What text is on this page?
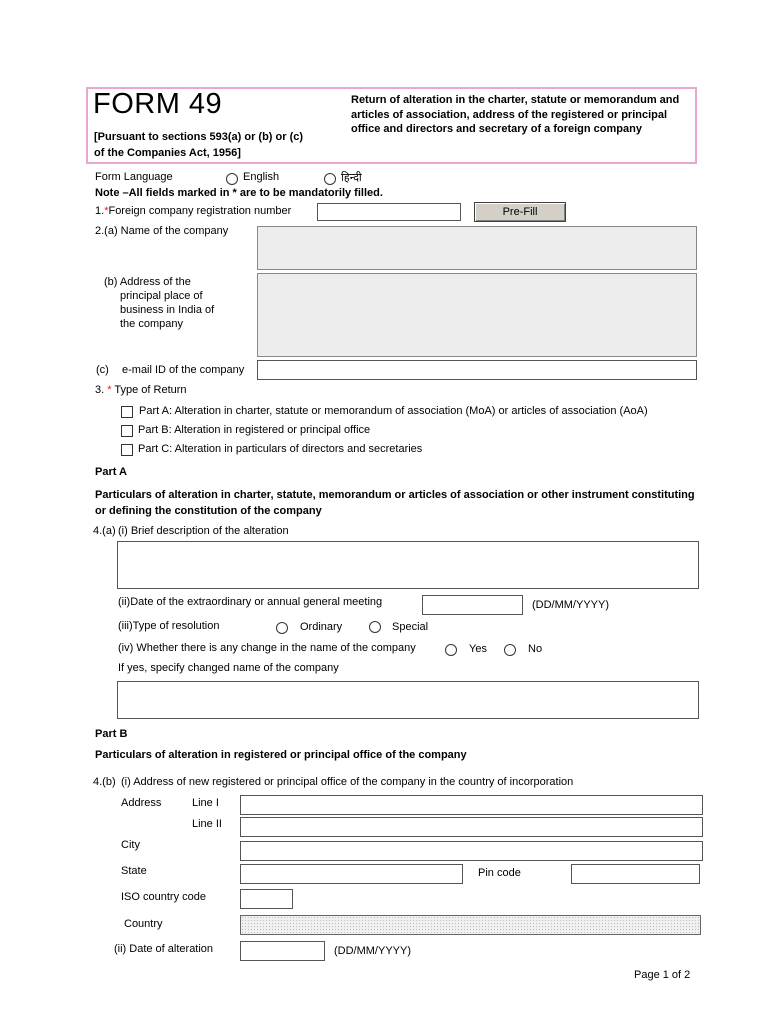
FORM 49
[Pursuant to sections 593(a) or (b) or (c) of the Companies Act, 1956]
Return of alteration in the charter, statute or memorandum and articles of association, address of the registered or principal office and directors and secretary of a foreign company
Form Language	English	हिन्दी
Note –All fields marked in * are to be mandatorily filled.
1.*Foreign company registration number	Pre-Fill
2.(a) Name of the company
(b) Address of the
principal place of business in India of the company
(c) e-mail ID of the company
3. * Type of Return
Part A: Alteration in charter, statute or memorandum of association (MoA) or articles of association (AoA)
Part B: Alteration in registered or principal office
Part C: Alteration in particulars of directors and secretaries
Part A
Particulars of alteration in charter, statute, memorandum or articles of association or other instrument constituting or defining the constitution of the company
4.(a) (i) Brief description of the alteration
(ii)Date of the extraordinary or annual general meeting	(DD/MM/YYYY)
(iii)Type of resolution	Ordinary	Special
(iv) Whether there is any change in the name of the company	Yes	No
If yes, specify changed name of the company
Part B
Particulars of alteration in registered or principal office of the company
4.(b) (i) Address of new registered or principal office of the company in the country of incorporation
Address	Line I
Line II
City
State	Pin code
ISO country code
Country
(ii) Date of alteration	(DD/MM/YYYY)
Page 1 of 2
